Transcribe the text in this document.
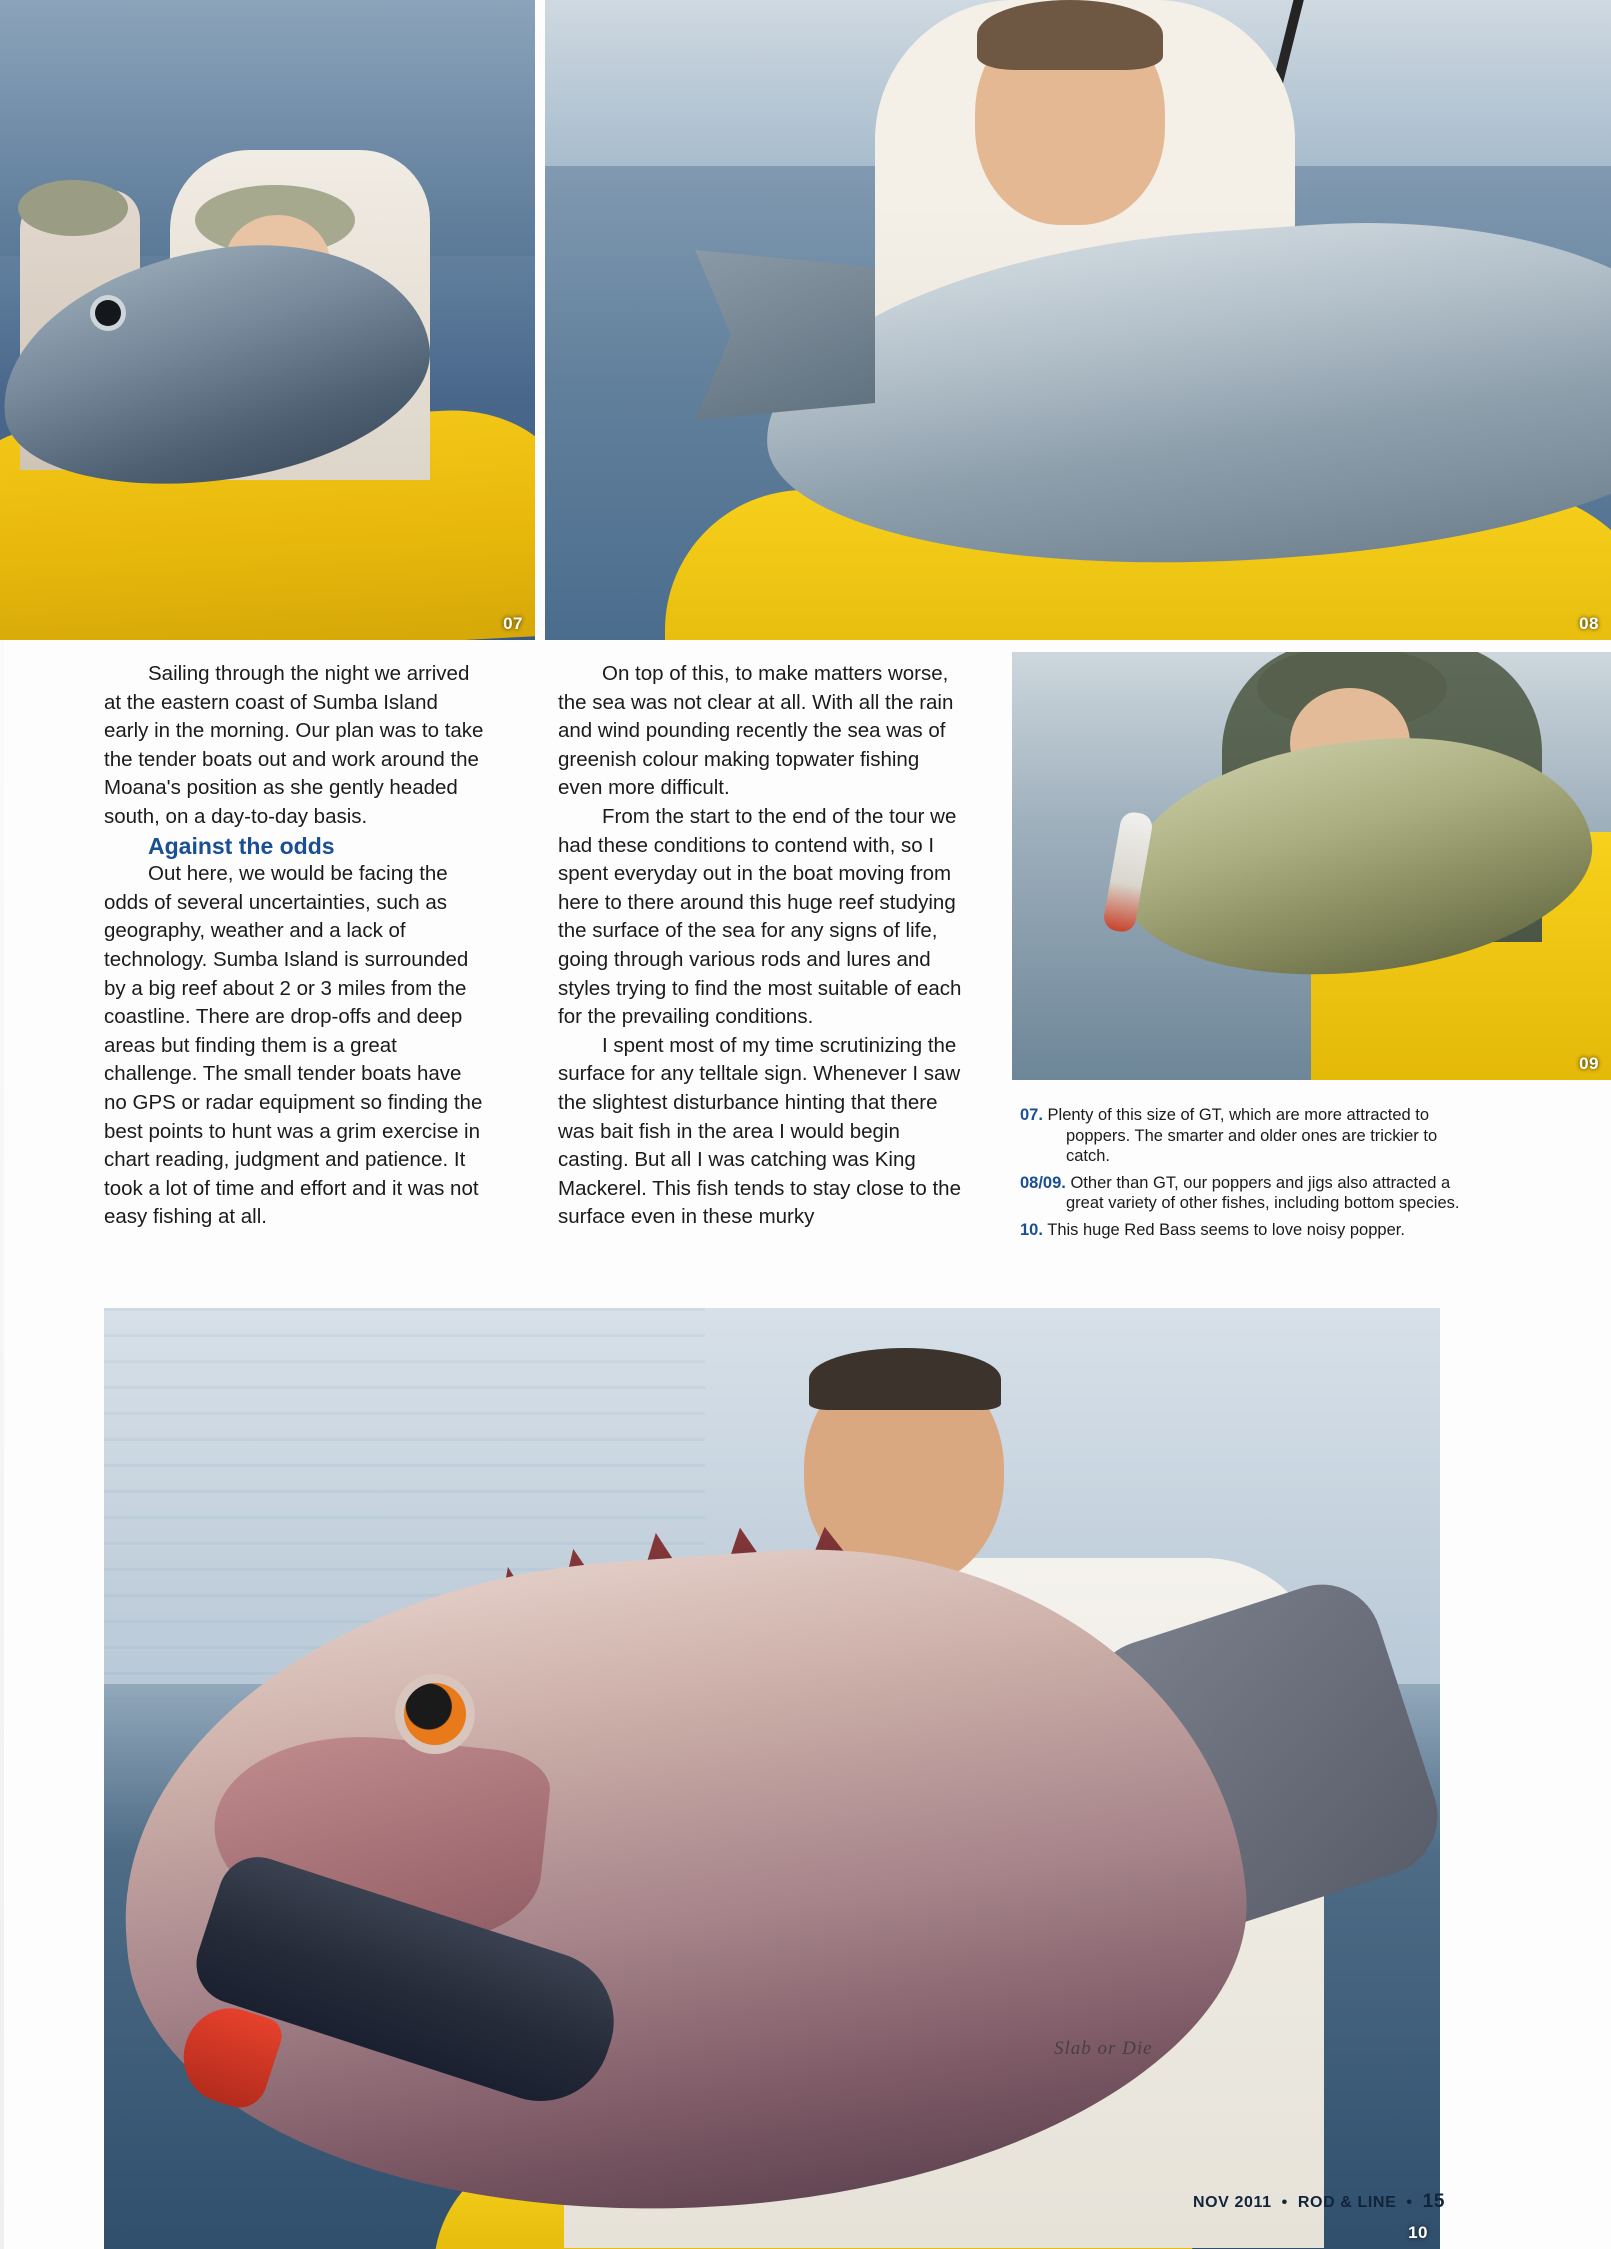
07	08
09

Sailing through the night we arrived at the eastern coast of Sumba Island early in the morning. Our plan was to take the tender boats out and work around the Moana's position as she gently headed south, on a day-to-day basis.

Against the odds

Out here, we would be facing the odds of several uncertainties, such as geography, weather and a lack of technology. Sumba Island is surrounded by a big reef about 2 or 3 miles from the coastline. There are drop-offs and deep areas but finding them is a great challenge. The small tender boats have no GPS or radar equipment so finding the best points to hunt was a grim exercise in chart reading, judgment and patience. It took a lot of time and effort and it was not easy fishing at all.

On top of this, to make matters worse, the sea was not clear at all. With all the rain and wind pounding recently the sea was of greenish colour making topwater fishing even more difficult.

From the start to the end of the tour we had these conditions to contend with, so I spent everyday out in the boat moving from here to there around this huge reef studying the surface of the sea for any signs of life, going through various rods and lures and styles trying to find the most suitable of each for the prevailing conditions.

I spent most of my time scrutinizing the surface for any telltale sign. Whenever I saw the slightest disturbance hinting that there was bait fish in the area I would begin casting. But all I was catching was King Mackerel. This fish tends to stay close to the surface even in these murky

07. Plenty of this size of GT, which are more attracted to poppers. The smarter and older ones are trickier to catch.
08/09. Other than GT, our poppers and jigs also attracted a great variety of other fishes, including bottom species.
10. This huge Red Bass seems to love noisy popper.
Slab or Die
10
NOV 2011 • ROD & LINE • 15
